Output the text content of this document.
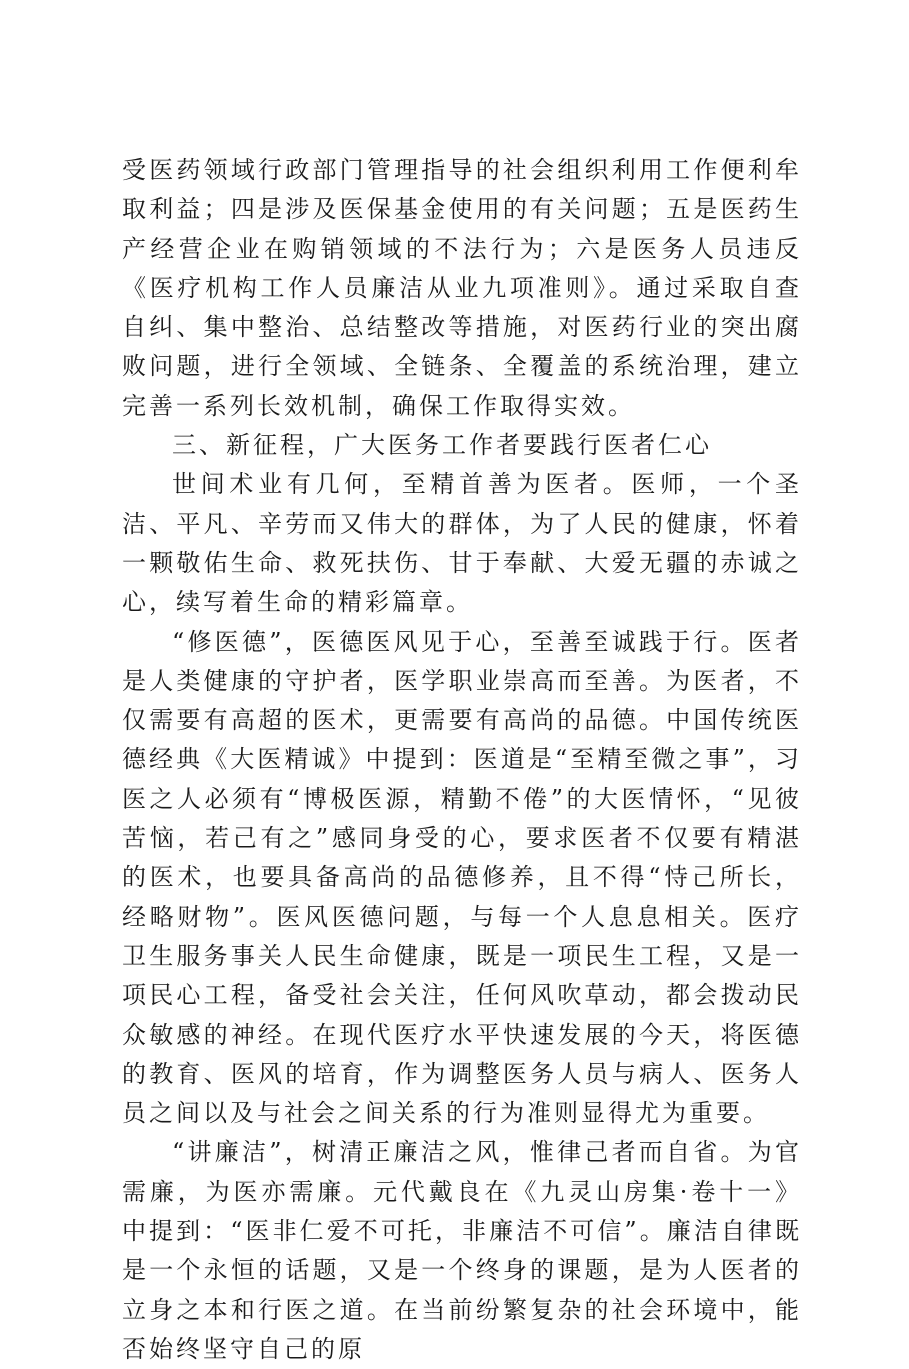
受医药领域行政部门管理指导的社会组织利用工作便利牟取利益；四是涉及医保基金使用的有关问题；五是医药生产经营企业在购销领域的不法行为；六是医务人员违反《医疗机构工作人员廉洁从业九项准则》。通过采取自查自纠、集中整治、总结整改等措施，对医药行业的突出腐败问题，进行全领域、全链条、全覆盖的系统治理，建立完善一系列长效机制，确保工作取得实效。

三、新征程，广大医务工作者要践行医者仁心

世间术业有几何，至精首善为医者。医师，一个圣洁、平凡、辛劳而又伟大的群体，为了人民的健康，怀着一颗敬佑生命、救死扶伤、甘于奉献、大爱无疆的赤诚之心，续写着生命的精彩篇章。

“修医德”，医德医风见于心，至善至诚践于行。医者是人类健康的守护者，医学职业崇高而至善。为医者，不仅需要有高超的医术，更需要有高尚的品德。中国传统医德经典《大医精诚》中提到：医道是“至精至微之事”，习医之人必须有“博极医源，精勤不倦”的大医情怀，“见彼苦恼，若己有之”感同身受的心，要求医者不仅要有精湛的医术，也要具备高尚的品德修养，且不得“恃己所长，经略财物”。医风医德问题，与每一个人息息相关。医疗卫生服务事关人民生命健康，既是一项民生工程，又是一项民心工程，备受社会关注，任何风吹草动，都会拨动民众敏感的神经。在现代医疗水平快速发展的今天，将医德的教育、医风的培育，作为调整医务人员与病人、医务人员之间以及与社会之间关系的行为准则显得尤为重要。

“讲廉洁”，树清正廉洁之风，惟律己者而自省。为官需廉，为医亦需廉。元代戴良在《九灵山房集·卷十一》中提到：“医非仁爱不可托，非廉洁不可信”。廉洁自律既是一个永恒的话题，又是一个终身的课题，是为人医者的立身之本和行医之道。在当前纷繁复杂的社会环境中，能否始终坚守自己的原
